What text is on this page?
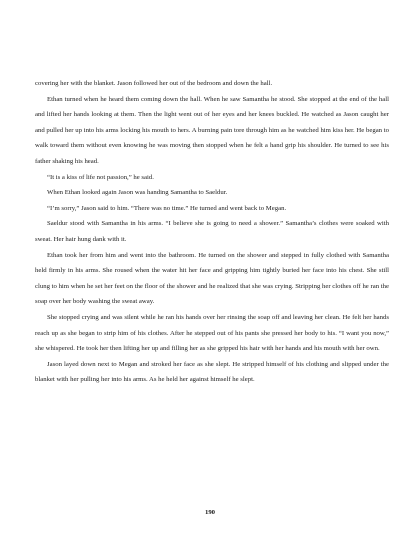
covering her with the blanket. Jason followed her out of the bedroom and down the hall.

Ethan turned when he heard them coming down the hall. When he saw Samantha he stood. She stopped at the end of the hall and lifted her hands looking at them. Then the light went out of her eyes and her knees buckled. He watched as Jason caught her and pulled her up into his arms locking his mouth to hers. A burning pain tore through him as he watched him kiss her. He began to walk toward them without even knowing he was moving then stopped when he felt a hand grip his shoulder. He turned to see his father shaking his head.

“It is a kiss of life not passion,” he said.

When Ethan looked again Jason was handing Samantha to Saeldur.

“I’m sorry,” Jason said to him. “There was no time.” He turned and went back to Megan.

Saeldur stood with Samantha in his arms. “I believe she is going to need a shower.” Samantha’s clothes were soaked with sweat. Her hair hung dank with it.

Ethan took her from him and went into the bathroom. He turned on the shower and stepped in fully clothed with Samantha held firmly in his arms. She roused when the water hit her face and gripping him tightly buried her face into his chest. She still clung to him when he set her feet on the floor of the shower and he realized that she was crying. Stripping her clothes off he ran the soap over her body washing the sweat away.

She stopped crying and was silent while he ran his hands over her rinsing the soap off and leaving her clean. He felt her hands reach up as she began to strip him of his clothes. After he stepped out of his pants she pressed her body to his. “I want you now,” she whispered. He took her then lifting her up and filling her as she gripped his hair with her hands and his mouth with her own.

Jason layed down next to Megan and stroked her face as she slept. He stripped himself of his clothing and slipped under the blanket with her pulling her into his arms. As he held her against himself he slept.

190
